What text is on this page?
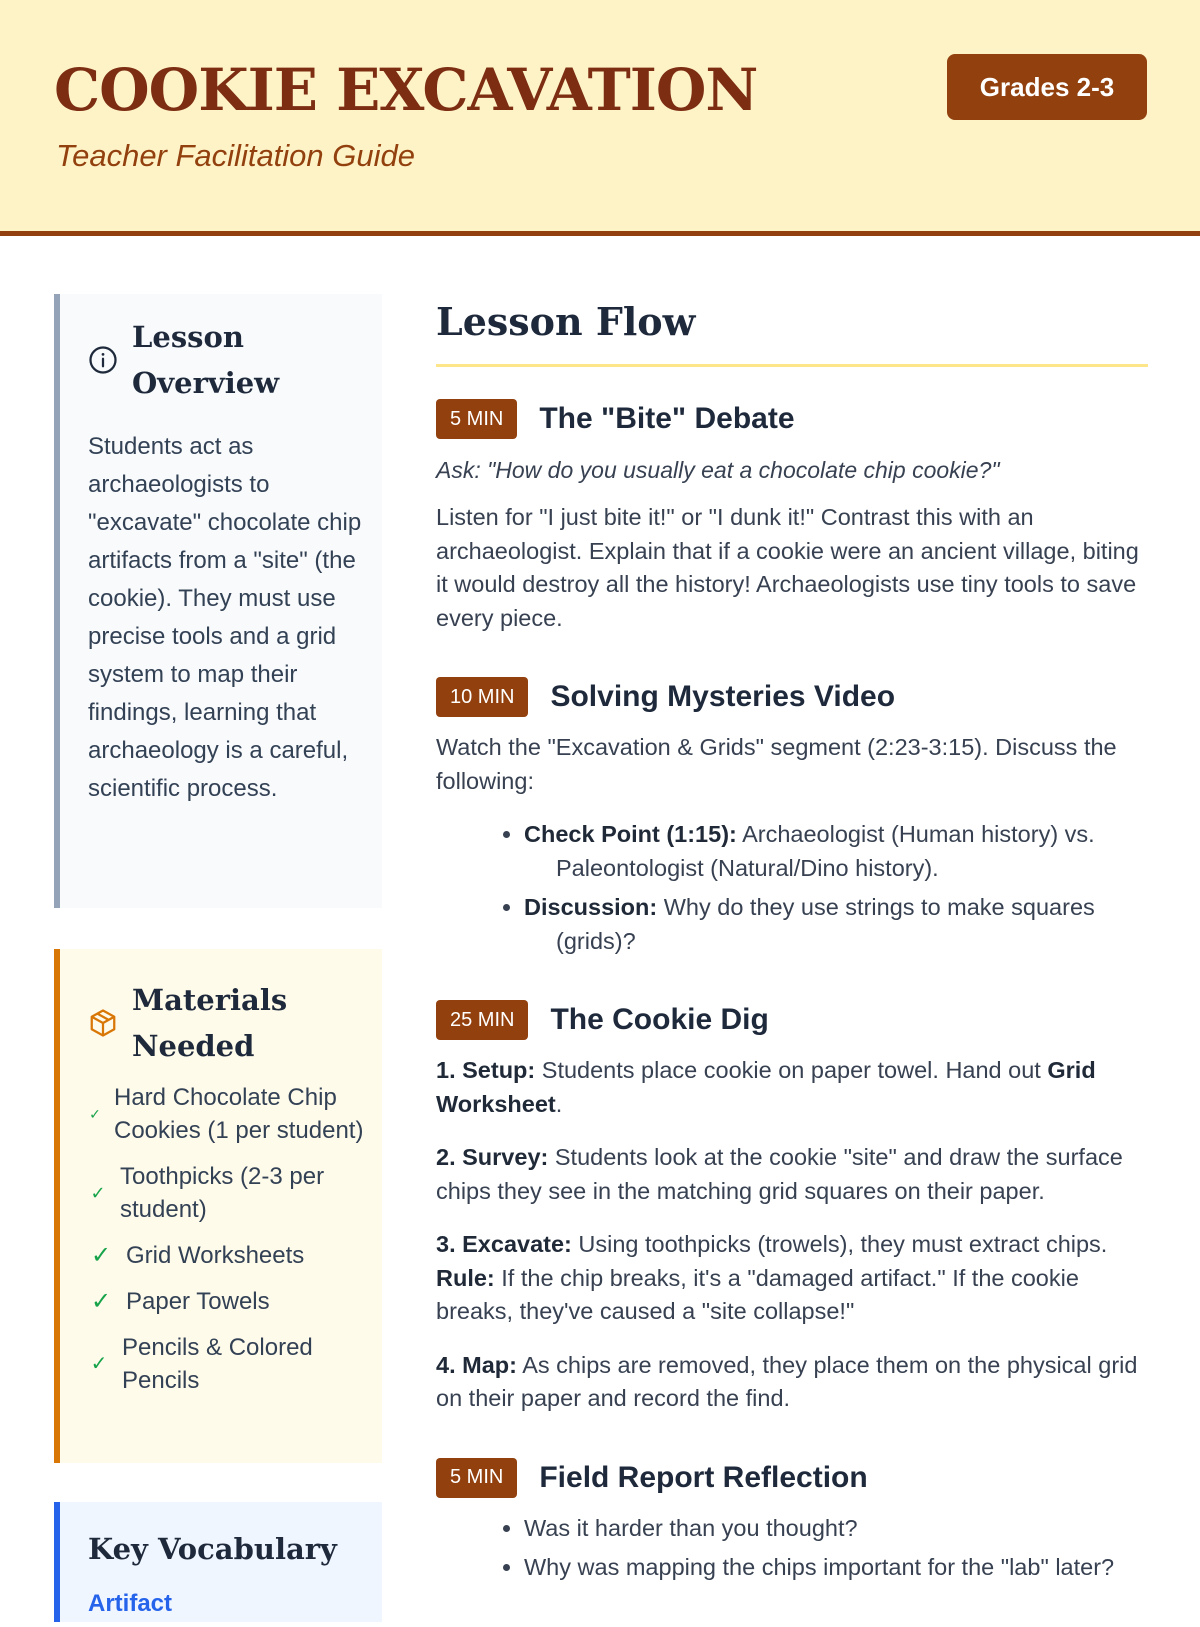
COOKIE EXCAVATION
Teacher Facilitation Guide
Grades 2-3
Lesson Overview
Students act as archaeologists to "excavate" chocolate chip artifacts from a "site" (the cookie). They must use precise tools and a grid system to map their findings, learning that archaeology is a careful, scientific process.
Materials Needed
✓
Hard Chocolate Chip Cookies (1 per student)
✓
Toothpicks (2-3 per student)
✓ Grid Worksheets
✓ Paper Towels
✓
Pencils & Colored Pencils
Key Vocabulary
Artifact
Lesson Flow
5 MIN	The "Bite" Debate
Ask: "How do you usually eat a chocolate chip cookie?"
Listen for "I just bite it!" or "I dunk it!" Contrast this with an archaeologist. Explain that if a cookie were an ancient village, biting it would destroy all the history! Archaeologists use tiny tools to save every piece.
10 MIN	Solving Mysteries Video
Watch the "Excavation & Grids" segment (2:23-3:15). Discuss the following:
• Check Point (1:15): Archaeologist (Human history) vs. Paleontologist (Natural/Dino history).
• Discussion: Why do they use strings to make squares (grids)?
25 MIN	The Cookie Dig
1. Setup: Students place cookie on paper towel. Hand out Grid Worksheet.
2. Survey: Students look at the cookie "site" and draw the surface chips they see in the matching grid squares on their paper.
3. Excavate: Using toothpicks (trowels), they must extract chips. Rule: If the chip breaks, it's a "damaged artifact." If the cookie breaks, they've caused a "site collapse!"
4. Map: As chips are removed, they place them on the physical grid on their paper and record the find.
5 MIN	Field Report Reflection
• Was it harder than you thought?
• Why was mapping the chips important for the "lab" later?
